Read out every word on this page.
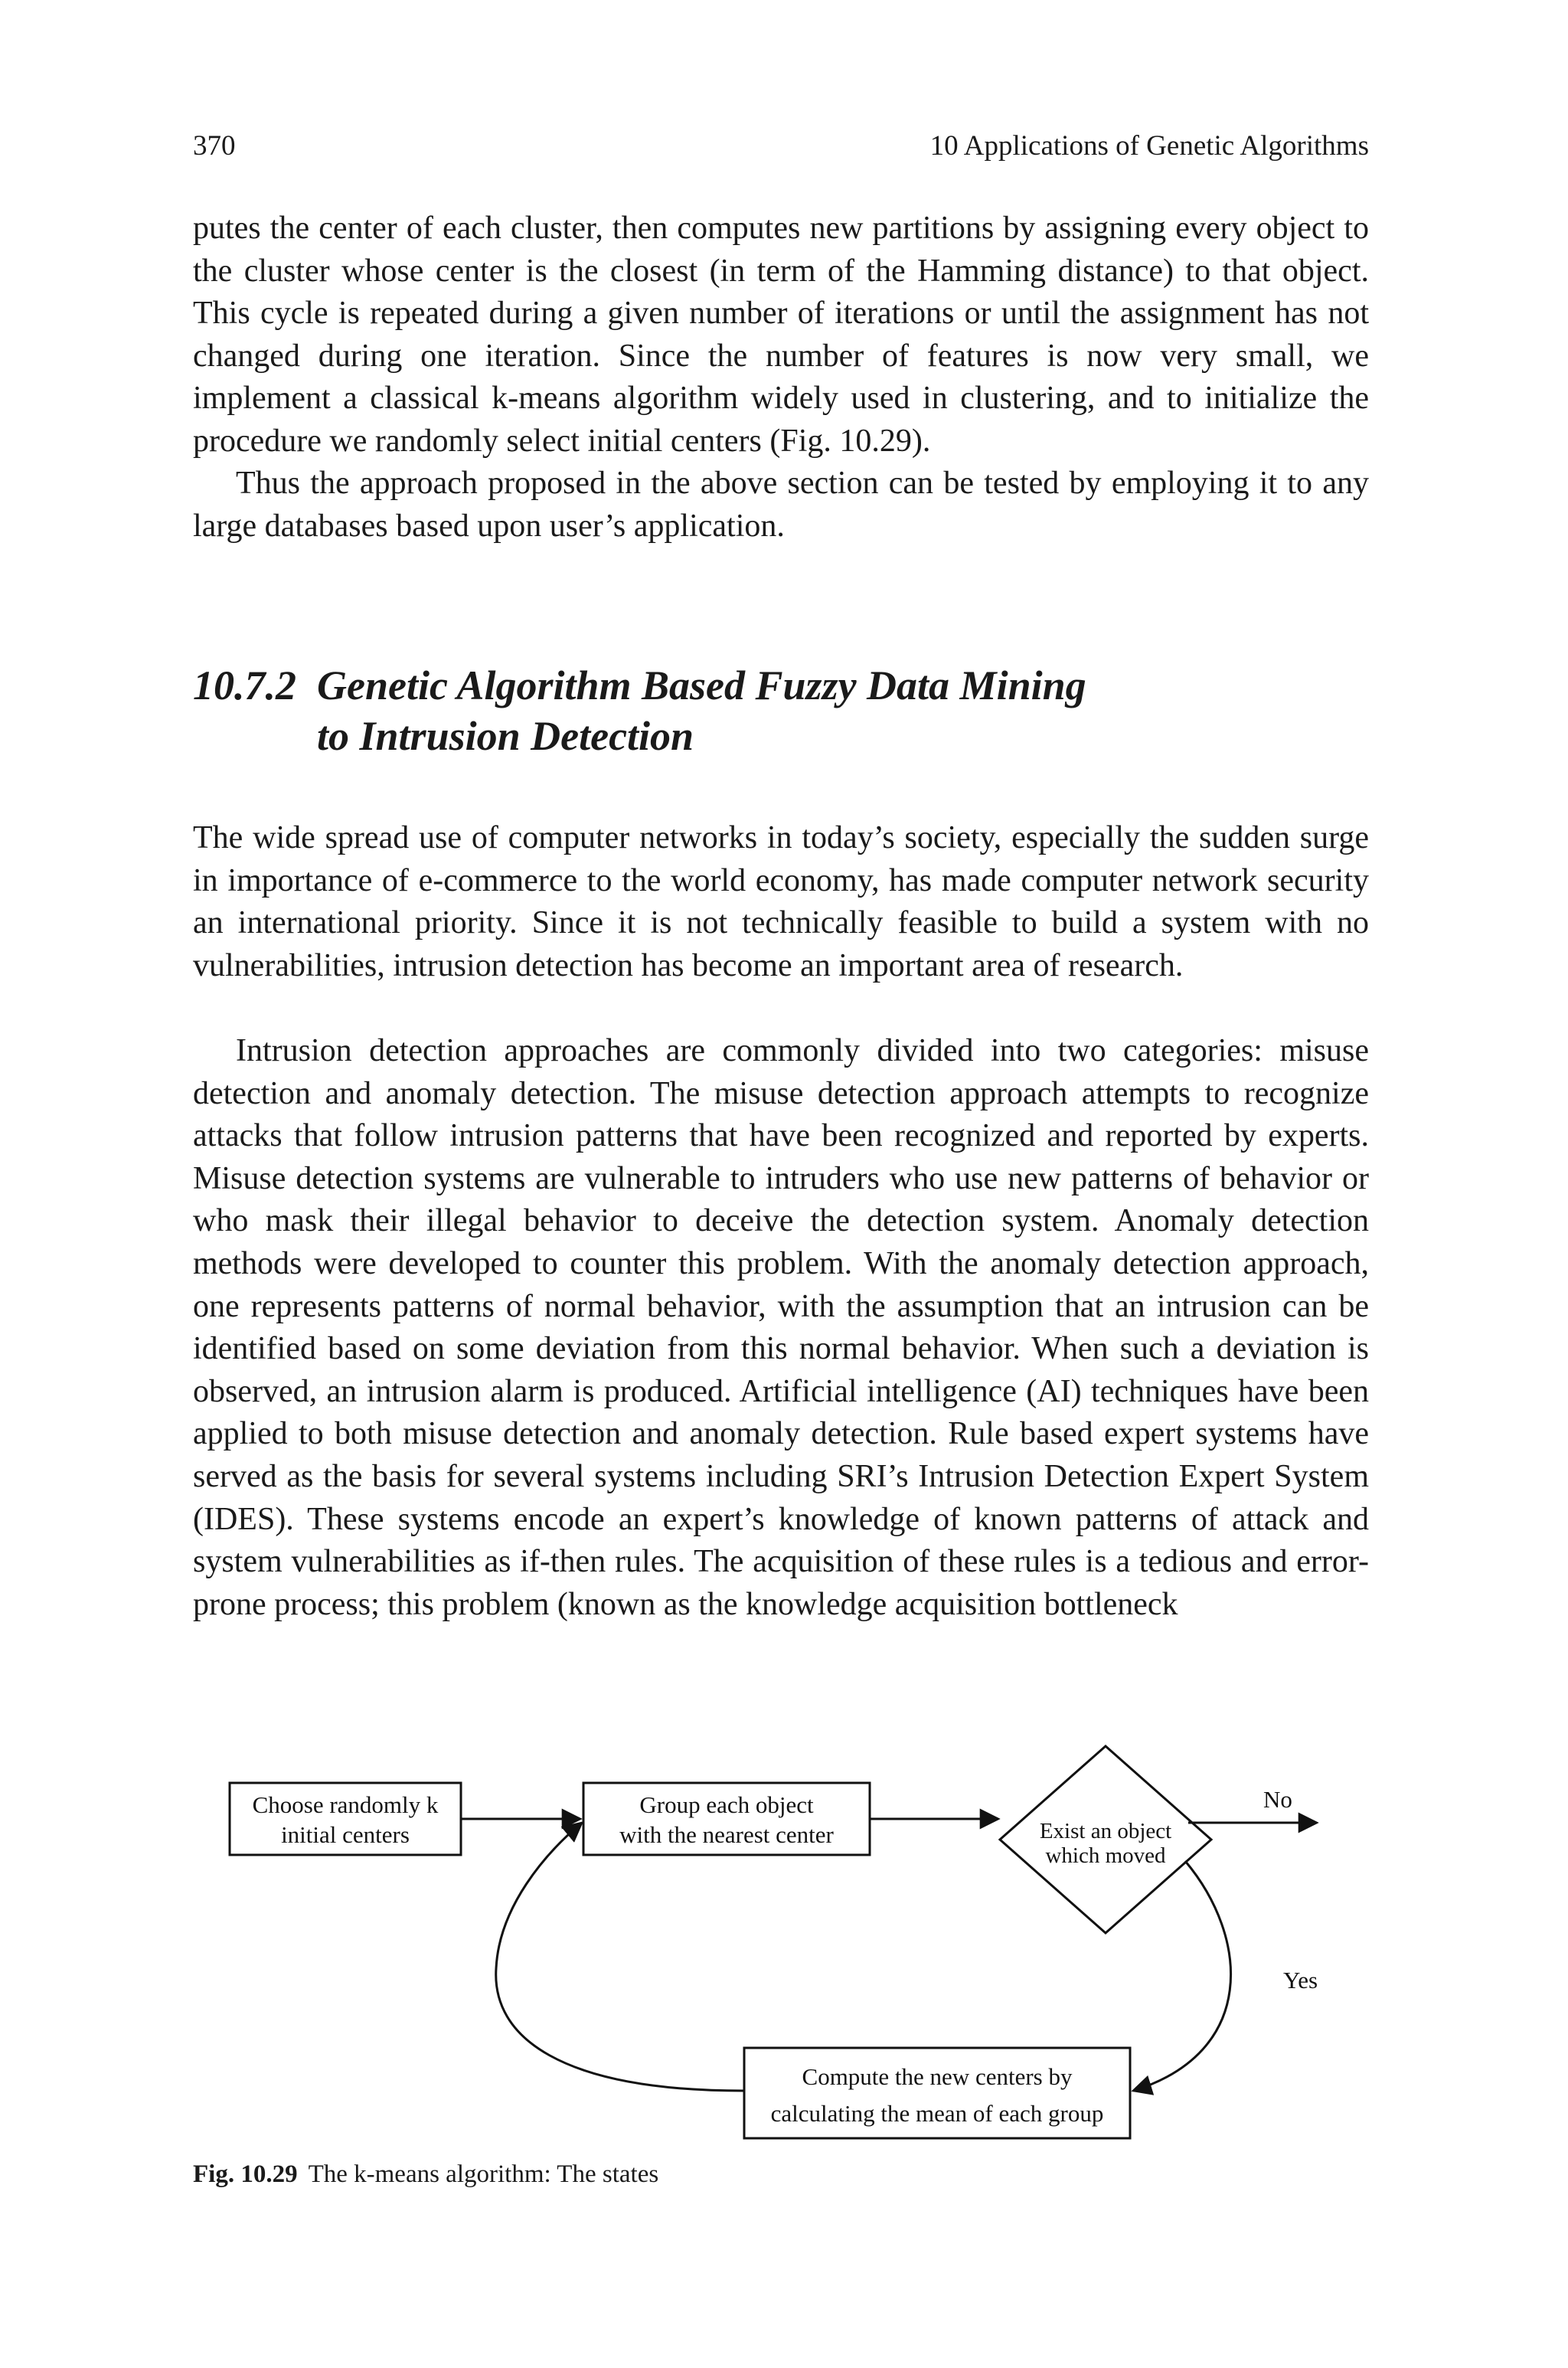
370	10 Applications of Genetic Algorithms

putes the center of each cluster, then computes new partitions by assigning every object to the cluster whose center is the closest (in term of the Hamming distance) to that object. This cycle is repeated during a given number of iterations or until the assignment has not changed during one iteration. Since the number of features is now very small, we implement a classical k-means algorithm widely used in clustering, and to initialize the procedure we randomly select initial centers (Fig. 10.29).

Thus the approach proposed in the above section can be tested by employing it to any large databases based upon user’s application.

10.7.2 Genetic Algorithm Based Fuzzy Data Mining
to Intrusion Detection

The wide spread use of computer networks in today’s society, especially the sudden surge in importance of e-commerce to the world economy, has made computer network security an international priority. Since it is not technically feasible to build a system with no vulnerabilities, intrusion detection has become an important area of research.

Intrusion detection approaches are commonly divided into two categories: misuse detection and anomaly detection. The misuse detection approach attempts to recognize attacks that follow intrusion patterns that have been recognized and reported by experts. Misuse detection systems are vulnerable to intruders who use new patterns of behavior or who mask their illegal behavior to deceive the detection system. Anomaly detection methods were developed to counter this problem. With the anomaly detection approach, one represents patterns of normal behavior, with the assumption that an intrusion can be identified based on some deviation from this normal behavior. When such a deviation is observed, an intrusion alarm is produced. Artificial intelligence (AI) techniques have been applied to both misuse detection and anomaly detection. Rule based expert systems have served as the basis for several systems including SRI’s Intrusion Detection Expert System (IDES). These systems encode an expert’s knowledge of known patterns of attack and system vulnerabilities as if-then rules. The acquisition of these rules is a tedious and error-prone process; this problem (known as the knowledge acquisition bottleneck

Choose randomly k
initial centers
Group each object
with the nearest center	Exist an object
which moved
Compute the new centers by
calculating the mean of each group
No
Yes
Fig. 10.29 The k-means algorithm: The states
